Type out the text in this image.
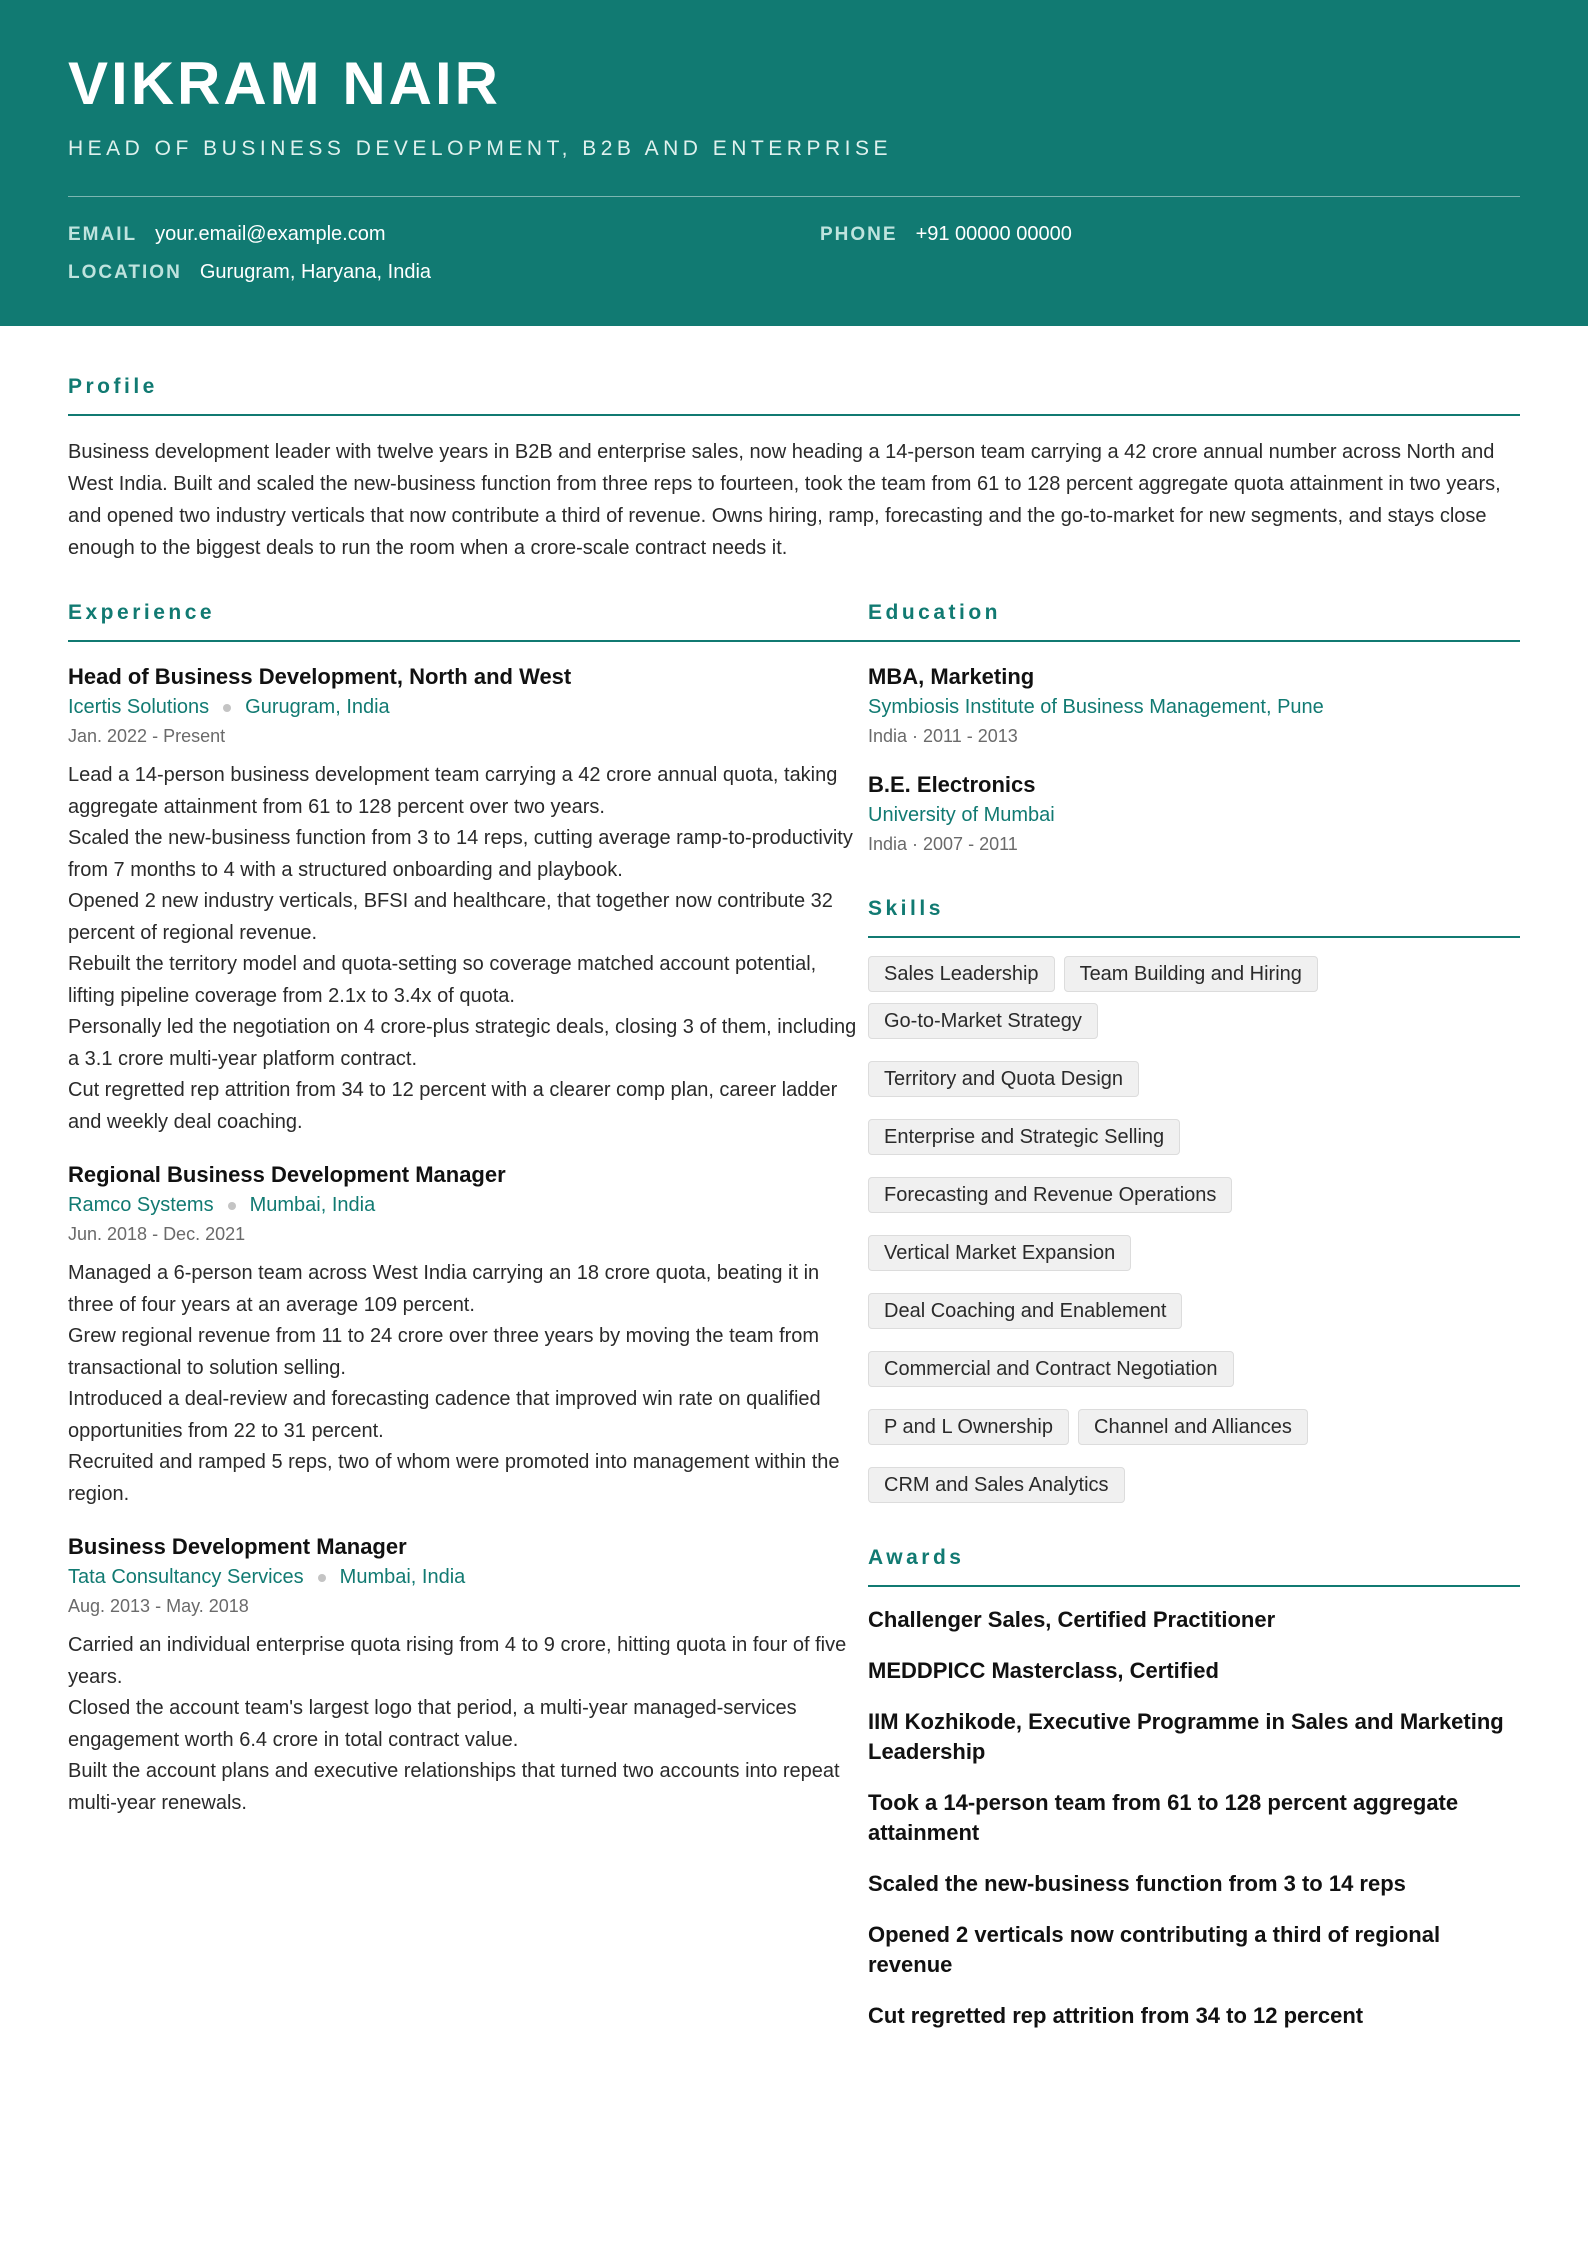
VIKRAM NAIR
HEAD OF BUSINESS DEVELOPMENT, B2B AND ENTERPRISE
EMAIL your.email@example.com	PHONE +91 00000 00000
LOCATION Gurugram, Haryana, India
Profile

Business development leader with twelve years in B2B and enterprise sales, now heading a 14-person team carrying a 42 crore annual number across North and West India. Built and scaled the new-business function from three reps to fourteen, took the team from 61 to 128 percent aggregate quota attainment in two years, and opened two industry verticals that now contribute a third of revenue. Owns hiring, ramp, forecasting and the go-to-market for new segments, and stays close enough to the biggest deals to run the room when a crore-scale contract needs it.

Experience
Head of Business Development, North and West
Icertis Solutions Gurugram, India
Jan. 2022 - Present
Lead a 14-person business development team carrying a 42 crore annual quota, taking aggregate attainment from 61 to 128 percent over two years.
Scaled the new-business function from 3 to 14 reps, cutting average ramp-to-productivity from 7 months to 4 with a structured onboarding and playbook.
Opened 2 new industry verticals, BFSI and healthcare, that together now contribute 32 percent of regional revenue.
Rebuilt the territory model and quota-setting so coverage matched account potential, lifting pipeline coverage from 2.1x to 3.4x of quota.
Personally led the negotiation on 4 crore-plus strategic deals, closing 3 of them, including a 3.1 crore multi-year platform contract.
Cut regretted rep attrition from 34 to 12 percent with a clearer comp plan, career ladder and weekly deal coaching.
Regional Business Development Manager
Ramco Systems Mumbai, India
Jun. 2018 - Dec. 2021
Managed a 6-person team across West India carrying an 18 crore quota, beating it in three of four years at an average 109 percent.
Grew regional revenue from 11 to 24 crore over three years by moving the team from transactional to solution selling.
Introduced a deal-review and forecasting cadence that improved win rate on qualified opportunities from 22 to 31 percent.
Recruited and ramped 5 reps, two of whom were promoted into management within the region.
Business Development Manager
Tata Consultancy Services Mumbai, India
Aug. 2013 - May. 2018
Carried an individual enterprise quota rising from 4 to 9 crore, hitting quota in four of five years.
Closed the account team's largest logo that period, a multi-year managed-services engagement worth 6.4 crore in total contract value.
Built the account plans and executive relationships that turned two accounts into repeat multi-year renewals.
Education
MBA, Marketing
Symbiosis Institute of Business Management, Pune
India · 2011 - 2013
B.E. Electronics
University of Mumbai
India · 2007 - 2011
Skills
Sales Leadership	Team Building and Hiring
Go-to-Market Strategy
Territory and Quota Design
Enterprise and Strategic Selling
Forecasting and Revenue Operations
Vertical Market Expansion
Deal Coaching and Enablement
Commercial and Contract Negotiation
P and L Ownership	Channel and Alliances
CRM and Sales Analytics
Awards
Challenger Sales, Certified Practitioner
MEDDPICC Masterclass, Certified
IIM Kozhikode, Executive Programme in Sales and Marketing Leadership
Took a 14-person team from 61 to 128 percent aggregate attainment
Scaled the new-business function from 3 to 14 reps
Opened 2 verticals now contributing a third of regional revenue
Cut regretted rep attrition from 34 to 12 percent
